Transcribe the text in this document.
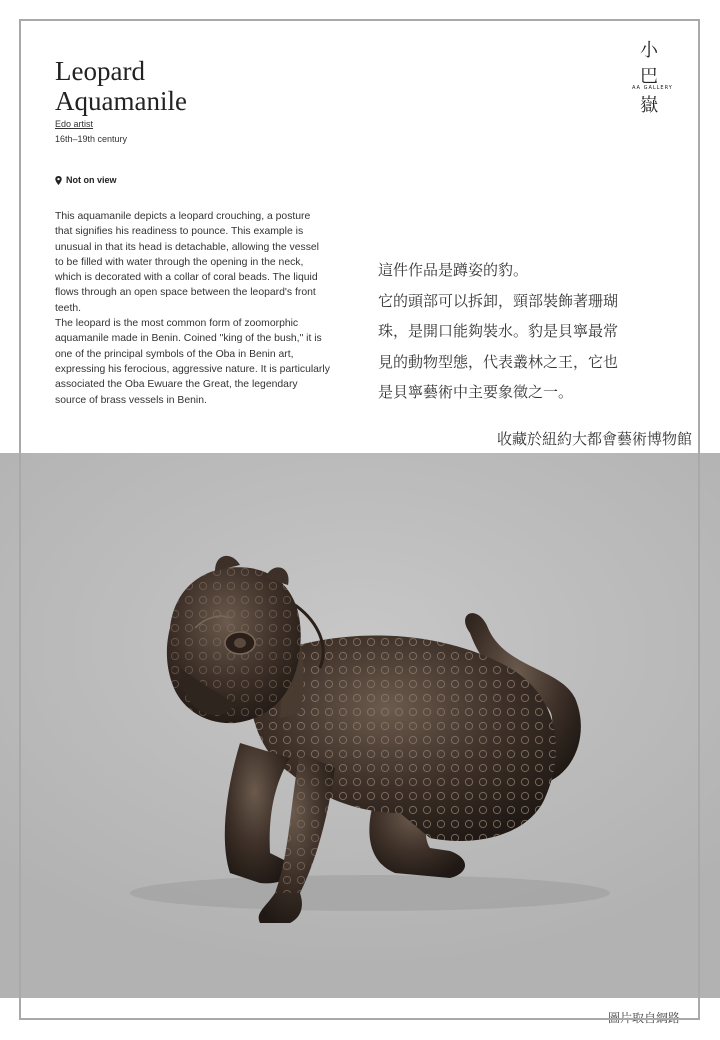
Leopard
Aquamanile
Edo artist
16th–19th century
Not on view

This aquamanile depicts a leopard crouching, a posture that signifies his readiness to pounce. This example is unusual in that its head is detachable, allowing the vessel to be filled with water through the opening in the neck, which is decorated with a collar of coral beads. The liquid flows through an open space between the leopard's front teeth.

The leopard is the most common form of zoomorphic aquamanile made in Benin. Coined "king of the bush," it is one of the principal symbols of the Oba in Benin art, expressing his ferocious, aggressive nature. It is particularly associated the Oba Ewuare the Great, the legendary source of brass vessels in Benin.

小
巴
AA GALLERY
嶽

這件作品是蹲姿的豹。

它的頭部可以拆卸，頸部裝飾著珊瑚

珠，是開口能夠裝水。豹是貝寧最常

見的動物型態，代表叢林之王，它也

是貝寧藝術中主要象徵之一。

收藏於紐約大都會藝術博物館
圖片取自網路
